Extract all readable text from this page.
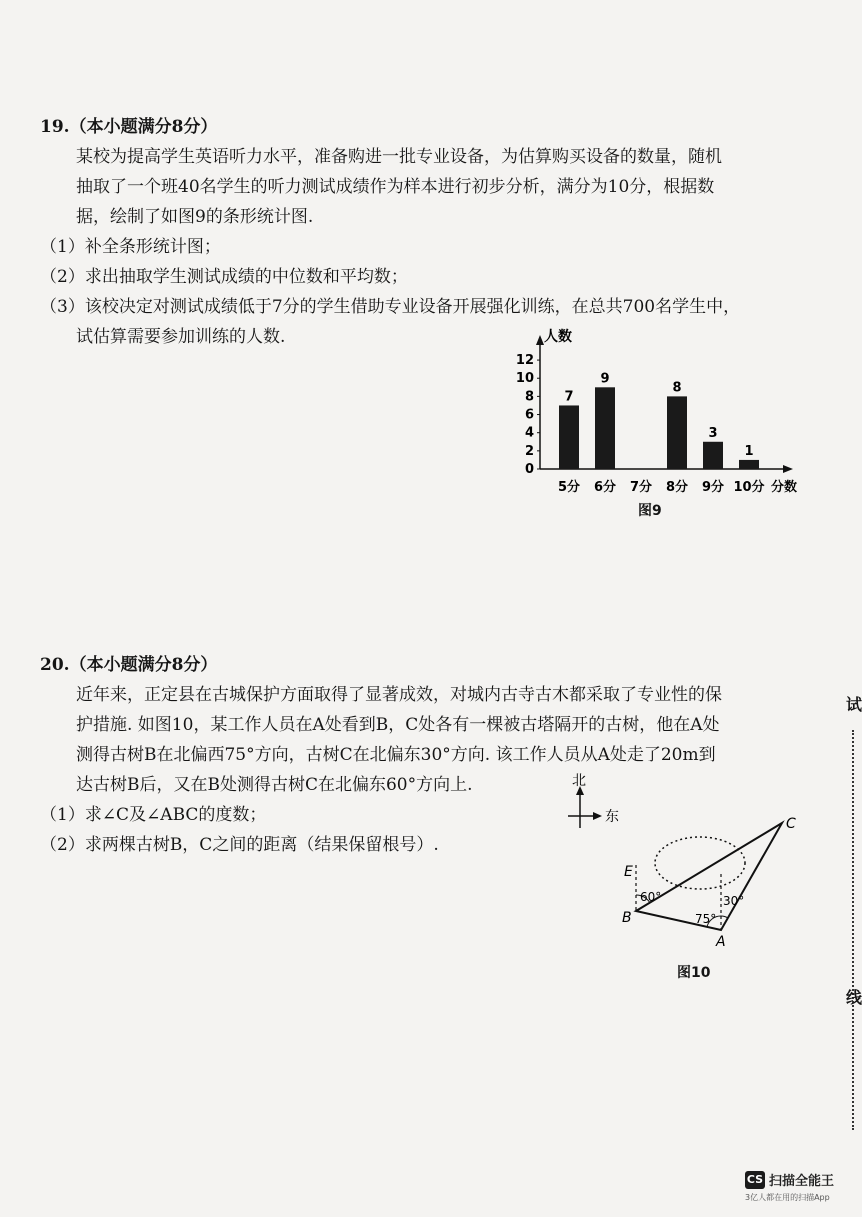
19.（本小题满分8分）
某校为提高学生英语听力水平，准备购进一批专业设备，为估算购买设备的数量，随机
抽取了一个班40名学生的听力测试成绩作为样本进行初步分析，满分为10分，根据数
据，绘制了如图9的条形统计图.
（1）补全条形统计图；
（2）求出抽取学生测试成绩的中位数和平均数；
（3）该校决定对测试成绩低于7分的学生借助专业设备开展强化训练，在总共700名学生中，
试估算需要参加训练的人数.	人数
分数
0
2
4
6
8
10
12
5分
7
6分
9
7分 8分
8
9分
3
10分
1
图9
20.（本小题满分8分）
近年来，正定县在古城保护方面取得了显著成效，对城内古寺古木都采取了专业性的保
护措施. 如图10，某工作人员在A处看到B，C处各有一棵被古塔隔开的古树，他在A处
测得古树B在北偏西75°方向，古树C在北偏东30°方向. 该工作人员从A处走了20m到
达古树B后，又在B处测得古树C在北偏东60°方向上.
（1）求∠C及∠ABC的度数；
（2）求两棵古树B，C之间的距离（结果保留根号）.
北
东
E
B
A
C
60°
75°
30°
图10
试
线
CS 扫描全能王
3亿人都在用的扫描App
